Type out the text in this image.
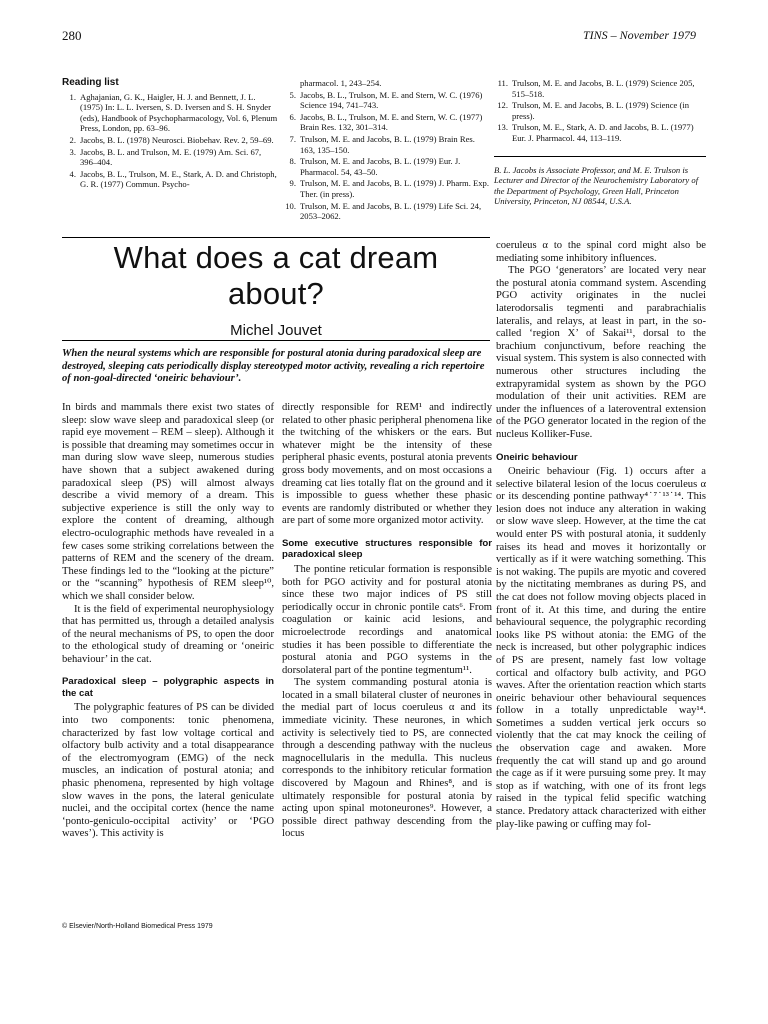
280	TINS – November 1979
Reading list
1. Aghajanian, G. K., Haigler, H. J. and Bennett, J. L. (1975) In: L. L. Iversen, S. D. Iversen and S. H. Snyder (eds), Handbook of Psychopharmacology, Vol. 6, Plenum Press, London, pp. 63–96.
2. Jacobs, B. L. (1978) Neurosci. Biobehav. Rev. 2, 59–69.
3. Jacobs, B. L. and Trulson, M. E. (1979) Am. Sci. 67, 396–404.
4. Jacobs, B. L., Trulson, M. E., Stark, A. D. and Christoph, G. R. (1977) Commun. Psycho-
pharmacol. 1, 243–254.
5. Jacobs, B. L., Trulson, M. E. and Stern, W. C. (1976) Science 194, 741–743.
6. Jacobs, B. L., Trulson, M. E. and Stern, W. C. (1977) Brain Res. 132, 301–314.
7. Trulson, M. E. and Jacobs, B. L. (1979) Brain Res. 163, 135–150.
8. Trulson, M. E. and Jacobs, B. L. (1979) Eur. J. Pharmacol. 54, 43–50.
9. Trulson, M. E. and Jacobs, B. L. (1979) J. Pharm. Exp. Ther. (in press).
10. Trulson, M. E. and Jacobs, B. L. (1979) Life Sci. 24, 2053–2062.
11. Trulson, M. E. and Jacobs, B. L. (1979) Science 205, 515–518.
12. Trulson, M. E. and Jacobs, B. L. (1979) Science (in press).
13. Trulson, M. E., Stark, A. D. and Jacobs, B. L. (1977) Eur. J. Pharmacol. 44, 113–119.
B. L. Jacobs is Associate Professor, and M. E. Trulson is Lecturer and Director of the Neurochemistry Laboratory of the Department of Psychology, Green Hall, Princeton University, Princeton, NJ 08544, U.S.A.
What does a cat dream
about?
Michel Jouvet
When the neural systems which are responsible for postural atonia during paradoxical sleep are destroyed, sleeping cats periodically display stereotyped motor activity, revealing a rich repertoire of non-goal-directed ‘oneiric behaviour’.

In birds and mammals there exist two states of sleep: slow wave sleep and paradoxical sleep (or rapid eye movement – REM – sleep). Although it is possible that dreaming may sometimes occur in man during slow wave sleep, numerous studies have shown that a subject awakened during paradoxical sleep (PS) will almost always describe a vivid memory of a dream. This subjective experience is still the only way to explore the content of dreaming, although electro-oculographic methods have revealed in a few cases some striking correlations between the patterns of REM and the scenery of the dream. These findings led to the “looking at the picture” or the “scanning” hypothesis of REM sleep¹⁰, which we shall consider below.

It is the field of experimental neurophysiology that has permitted us, through a detailed analysis of the neural mechanisms of PS, to open the door to the ethological study of dreaming or ‘oneiric behaviour’ in the cat.

Paradoxical sleep – polygraphic aspects in the cat

The polygraphic features of PS can be divided into two components: tonic phenomena, characterized by fast low voltage cortical and olfactory bulb activity and a total disappearance of the electromyogram (EMG) of the neck muscles, an indication of postural atonia; and phasic phenomena, represented by high voltage slow waves in the pons, the lateral geniculate nuclei, and the occipital cortex (hence the name ‘ponto-geniculo-occipital activity’ or ‘PGO waves’). This activity is

directly responsible for REM¹ and indirectly related to other phasic peripheral phenomena like the twitching of the whiskers or the ears. But whatever might be the intensity of these peripheral phasic events, postural atonia prevents gross body movements, and on most occasions a dreaming cat lies totally flat on the ground and it is impossible to guess whether these phasic events are randomly distributed or whether they are part of some more organized motor activity.

Some executive structures responsible for paradoxical sleep

The pontine reticular formation is responsible both for PGO activity and for postural atonia since these two major indices of PS still periodically occur in chronic pontile cats⁶. From coagulation or kainic acid lesions, and microelectrode recordings and anatomical studies it has been possible to differentiate the postural atonia and PGO systems in the dorsolateral part of the pontine tegmentum¹¹.

The system commanding postural atonia is located in a small bilateral cluster of neurones in the medial part of locus coeruleus α and its immediate vicinity. These neurones, in which activity is selectively tied to PS, are connected through a descending pathway with the nucleus magnocellularis in the medulla. This nucleus corresponds to the inhibitory reticular formation discovered by Magoun and Rhines⁸, and is ultimately responsible for postural atonia by acting upon spinal motoneurones⁹. However, a possible direct pathway descending from the locus

coeruleus α to the spinal cord might also be mediating some inhibitory influences.

The PGO ‘generators’ are located very near the postural atonia command system. Ascending PGO activity originates in the nuclei laterodorsalis tegmenti and parabrachialis lateralis, and relays, at least in part, in the so-called ‘region X’ of Sakai¹¹, dorsal to the brachium conjunctivum, before reaching the visual system. This system is also connected with numerous other structures including the extrapyramidal system as shown by the PGO modulation of their unit activities. REM are under the influences of a lateroventral extension of the PGO generator located in the region of the nucleus Kolliker-Fuse.

Oneiric behaviour

Oneiric behaviour (Fig. 1) occurs after a selective bilateral lesion of the locus coeruleus α or its descending pontine pathway⁴˙⁷˙¹³˙¹⁴. This lesion does not induce any alteration in waking or slow wave sleep. However, at the time the cat would enter PS with postural atonia, it suddenly raises its head and moves it horizontally or vertically as if it were watching something. This is not waking. The pupils are myotic and covered by the nictitating membranes as during PS, and the cat does not follow moving objects placed in front of it. At this time, and during the entire behavioural sequence, the polygraphic recording looks like PS without atonia: the EMG of the neck is increased, but other polygraphic indices of PS are present, namely fast low voltage cortical and olfactory bulb activity, and PGO waves. After the orientation reaction which starts oneiric behaviour other behavioural sequences follow in a totally unpredictable way¹⁴. Sometimes a sudden vertical jerk occurs so violently that the cat may knock the ceiling of the observation cage and awaken. More frequently the cat will stand up and go around the cage as if it were pursuing some prey. It may stop as if watching, with one of its front legs raised in the typical felid specific watching stance. Predatory attack characterized with either play-like pawing or cuffing may fol-

© Elsevier/North-Holland Biomedical Press 1979
